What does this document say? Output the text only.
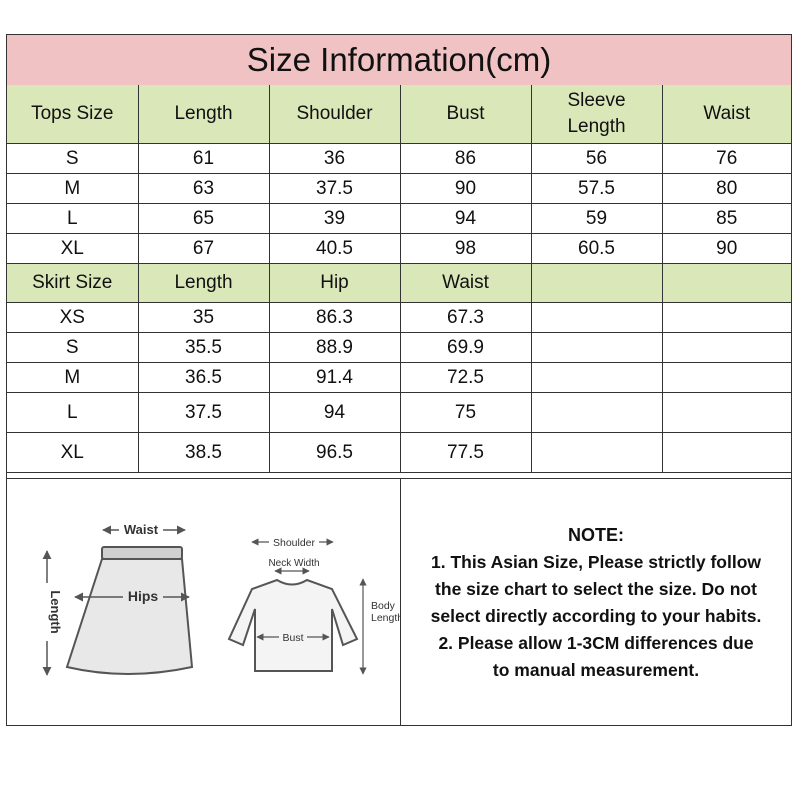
Size Information(cm)
Tops Size	Length	Shoulder	Bust	Sleeve Length	Waist
S	61	36	86	56	76
M	63	37.5	90	57.5	80
L	65	39	94	59	85
XL	67	40.5	98	60.5	90
Skirt Size	Length	Hip	Waist		
XS	35	86.3	67.3		
S	35.5	88.9	69.9		
M	36.5	91.4	72.5		
L	37.5	94	75		
XL	38.5	96.5	77.5		
Waist
Hips
Length
Shoulder
Neck Width
Bust
Body
Length
NOTE:
1. This Asian Size, Please strictly follow
the size chart to select the size. Do not
select directly according to your habits.
2. Please allow 1-3CM differences due
to manual measurement.
